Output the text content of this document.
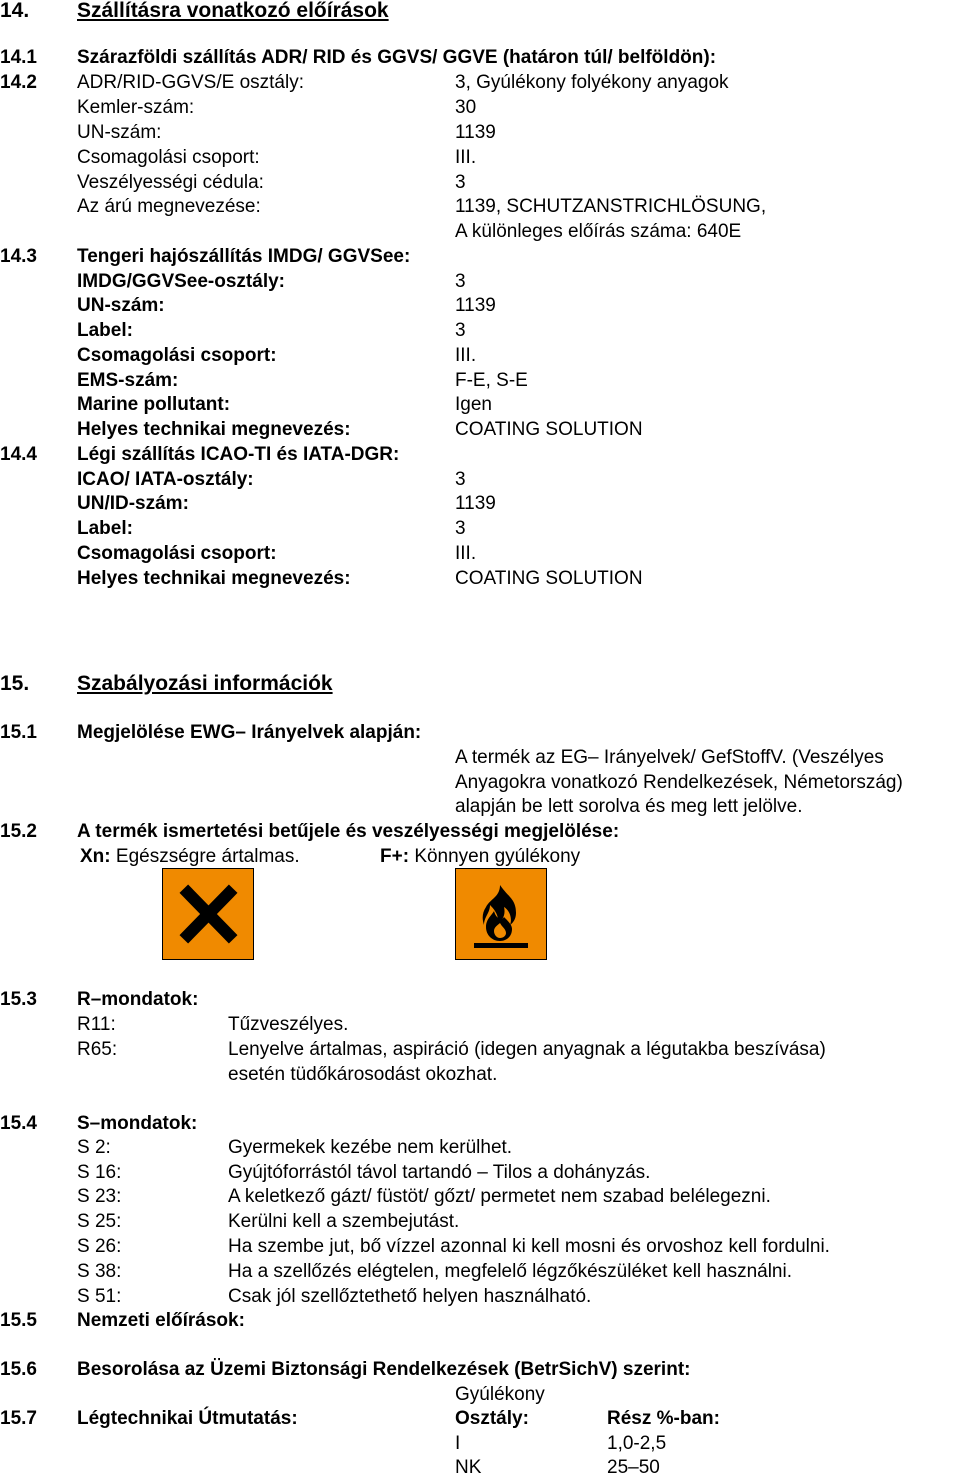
14. Szállításra vonatkozó előírások
14.1 Szárazföldi szállítás ADR/ RID és GGVS/ GGVE (határon túl/ belföldön):
14.2 ADR/RID-GGVS/E osztály:	3, Gyúlékony folyékony anyagok
Kemler-szám:	30
UN-szám:	1139
Csomagolási csoport:	III.
Veszélyességi cédula:	3
Az árú megnevezése:	1139, SCHUTZANSTRICHLÖSUNG,
A különleges előírás száma: 640E
14.3 Tengeri hajószállítás IMDG/ GGVSee:
IMDG/GGVSee-osztály:	3
UN-szám:	1139
Label:	3
Csomagolási csoport:	III.
EMS-szám:	F-E, S-E
Marine pollutant:	Igen
Helyes technikai megnevezés:	COATING SOLUTION
14.4 Légi szállítás ICAO-TI és IATA-DGR:
ICAO/ IATA-osztály:	3
UN/ID-szám:	1139
Label:	3
Csomagolási csoport:	III.
Helyes technikai megnevezés:	COATING SOLUTION
15. Szabályozási információk
15.1 Megjelölése EWG– Irányelvek alapján:
A termék az EG– Irányelvek/ GefStoffV. (Veszélyes
Anyagokra vonatkozó Rendelkezések, Németország)
alapján be lett sorolva és meg lett jelölve.
15.2 A termék ismertetési betűjele és veszélyességi megjelölése:
Xn: Egészségre ártalmas.	F+: Könnyen gyúlékony
15.3 R–mondatok:
R11:	Tűzveszélyes.
R65:	Lenyelve ártalmas, aspiráció (idegen anyagnak a légutakba beszívása)
esetén tüdőkárosodást okozhat.
15.4 S–mondatok:
S 2:	Gyermekek kezébe nem kerülhet.
S 16:	Gyújtóforrástól távol tartandó – Tilos a dohányzás.
S 23:	A keletkező gázt/ füstöt/ gőzt/ permetet nem szabad belélegezni.
S 25:	Kerülni kell a szembejutást.
S 26:	Ha szembe jut, bő vízzel azonnal ki kell mosni és orvoshoz kell fordulni.
S 38:	Ha a szellőzés elégtelen, megfelelő légzőkészüléket kell használni.
S 51:	Csak jól szellőztethető helyen használható.
15.5 Nemzeti előírások:
15.6 Besorolása az Üzemi Biztonsági Rendelkezések (BetrSichV) szerint:
Gyúlékony
15.7 Légtechnikai Útmutatás:	Osztály:	Rész %-ban:
I	1,0-2,5
NK	25–50
